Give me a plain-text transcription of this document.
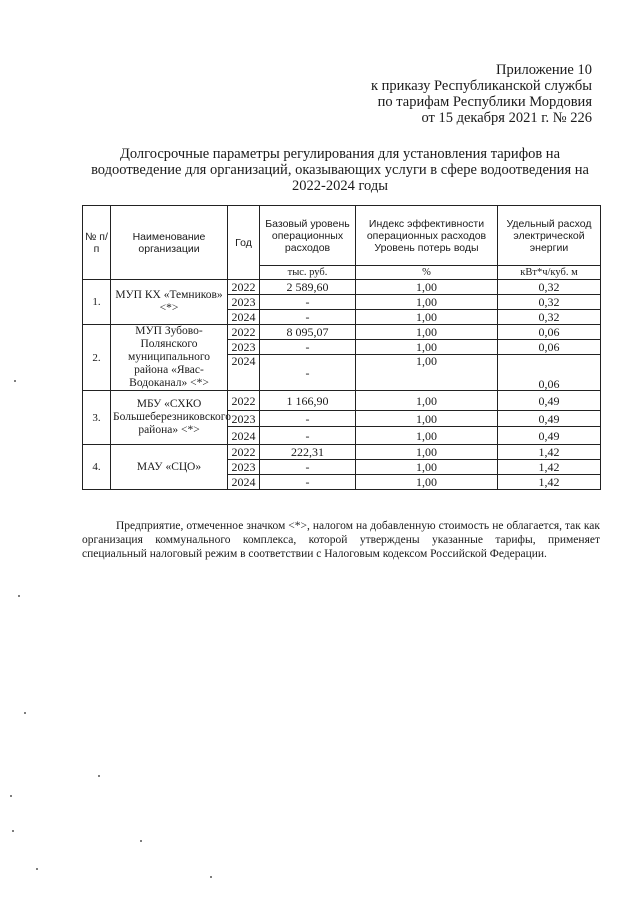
Приложение 10
к приказу Республиканской службы
по тарифам Республики Мордовия
от 15 декабря 2021 г. № 226
Долгосрочные параметры регулирования для установления тарифов на
водоотведение для организаций, оказывающих услуги в сфере водоотведения на
2022-2024 годы
№ п/п	Наименование организации	Год	Базовый уровень операционных расходов	Индекс эффективности операционных расходов Уровень потерь воды	Удельный расход электрической энергии
			тыс. руб.	%	кВт*ч/куб. м
1.	МУП КХ «Темников» <*>	2022	2 589,60	1,00	0,32
		2023	-	1,00	0,32
		2024	-	1,00	0,32
2.	МУП Зубово-Полянского муниципального района «Явас-Водоканал» <*>	2022	8 095,07	1,00	0,06
		2023	-	1,00	0,06
		2024	-	1,00	0,06
3.	МБУ «СХКО Большеберезниковского района» <*>	2022	1 166,90	1,00	0,49
		2023	-	1,00	0,49
		2024	-	1,00	0,49
4.	МАУ «СЦО»	2022	222,31	1,00	1,42
		2023	-	1,00	1,42
		2024	-	1,00	1,42
Предприятие, отмеченное значком <*>, налогом на добавленную стоимость не облагается, так как организация коммунального комплекса, которой утверждены указанные тарифы, применяет специальный налоговый режим в соответствии с Налоговым кодексом Российской Федерации.
